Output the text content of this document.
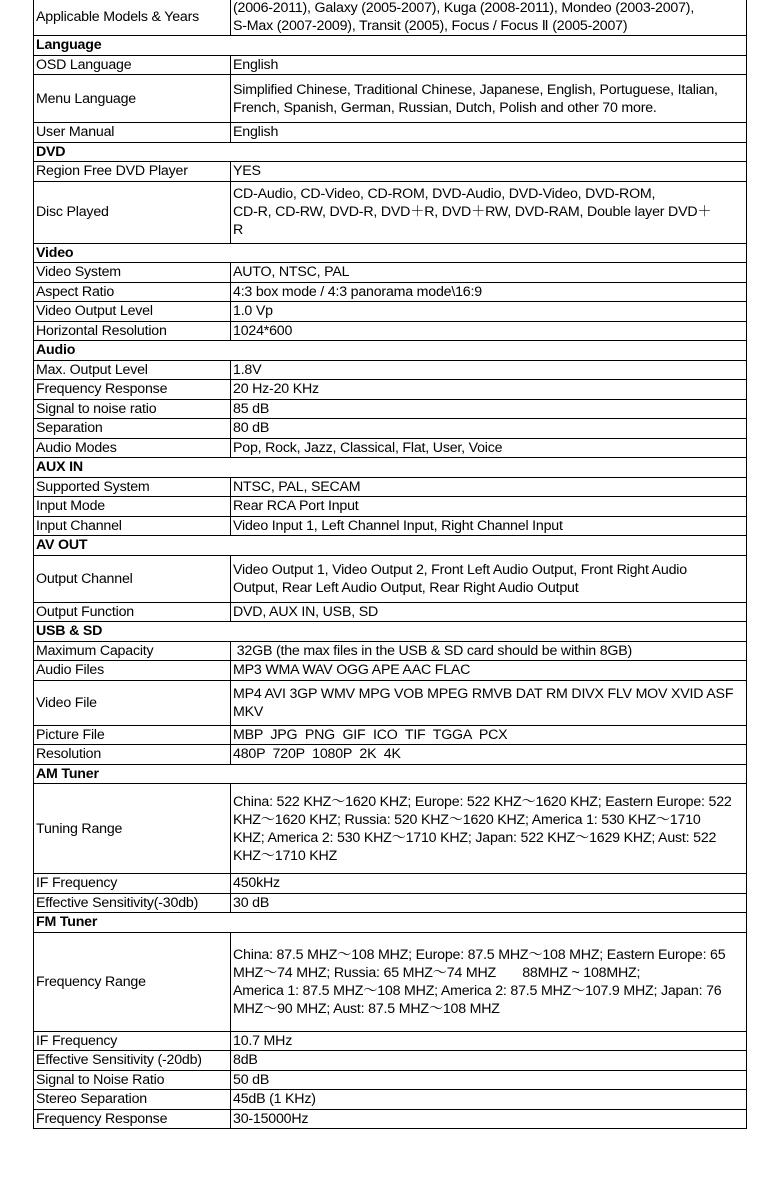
Applicable Models & Years	(2006-2011), Galaxy (2005-2007), Kuga (2008-2011), Mondeo (2003-2007),
S-Max (2007-2009), Transit (2005), Focus / Focus Ⅱ (2005-2007)

Language	
OSD Language	English

Menu Language	Simplified Chinese, Traditional Chinese, Japanese, English, Portuguese, Italian,
French, Spanish, German, Russian, Dutch, Polish and other 70 more.

User Manual	English

DVD	
Region Free DVD Player	YES

Disc Played	CD-Audio, CD-Video, CD-ROM, DVD-Audio, DVD-Video, DVD-ROM,
CD-R, CD-RW, DVD-R, DVD＋R, DVD＋RW, DVD-RAM, Double layer DVD＋
R

Video	
Video System	AUTO, NTSC, PAL

Aspect Ratio	4:3 box mode / 4:3 panorama mode\16:9

Video Output Level	1.0 Vp

Horizontal Resolution	1024*600

Audio	
Max. Output Level	1.8V

Frequency Response	20 Hz-20 KHz

Signal to noise ratio	85 dB

Separation	80 dB

Audio Modes	Pop, Rock, Jazz, Classical, Flat, User, Voice

AUX IN	
Supported System	NTSC, PAL, SECAM

Input Mode	Rear RCA Port Input

Input Channel	Video Input 1, Left Channel Input, Right Channel Input

AV OUT	
Output Channel	Video Output 1, Video Output 2, Front Left Audio Output, Front Right Audio
Output, Rear Left Audio Output, Rear Right Audio Output

Output Function	DVD, AUX IN, USB, SD

USB & SD	
Maximum Capacity	32GB (the max files in the USB & SD card should be within 8GB)

Audio Files	MP3 WMA WAV OGG APE AAC FLAC

Video File	MP4 AVI 3GP WMV MPG VOB MPEG RMVB DAT RM DIVX FLV MOV XVID ASF
MKV

Picture File	MBP  JPG  PNG  GIF  ICO  TIF  TGGA  PCX

Resolution	480P  720P  1080P  2K  4K

AM Tuner	
Tuning Range	China: 522 KHZ～1620 KHZ; Europe: 522 KHZ～1620 KHZ; Eastern Europe: 522
KHZ～1620 KHZ; Russia: 520 KHZ～1620 KHZ; America 1: 530 KHZ～1710
KHZ; America 2: 530 KHZ～1710 KHZ; Japan: 522 KHZ～1629 KHZ; Aust: 522
KHZ～1710 KHZ

IF Frequency	450kHz

Effective Sensitivity(-30db)	30 dB

FM Tuner	
Frequency Range	China: 87.5 MHZ～108 MHZ; Europe: 87.5 MHZ～108 MHZ; Eastern Europe: 65
MHZ～74 MHZ; Russia: 65 MHZ～74 MHZ       88MHZ ~ 108MHZ;
America 1: 87.5 MHZ～108 MHZ; America 2: 87.5 MHZ～107.9 MHZ; Japan: 76
MHZ～90 MHZ; Aust: 87.5 MHZ～108 MHZ

IF Frequency	10.7 MHz

Effective Sensitivity (-20db)	8dB

Signal to Noise Ratio	50 dB

Stereo Separation	45dB (1 KHz)

Frequency Response	30-15000Hz
